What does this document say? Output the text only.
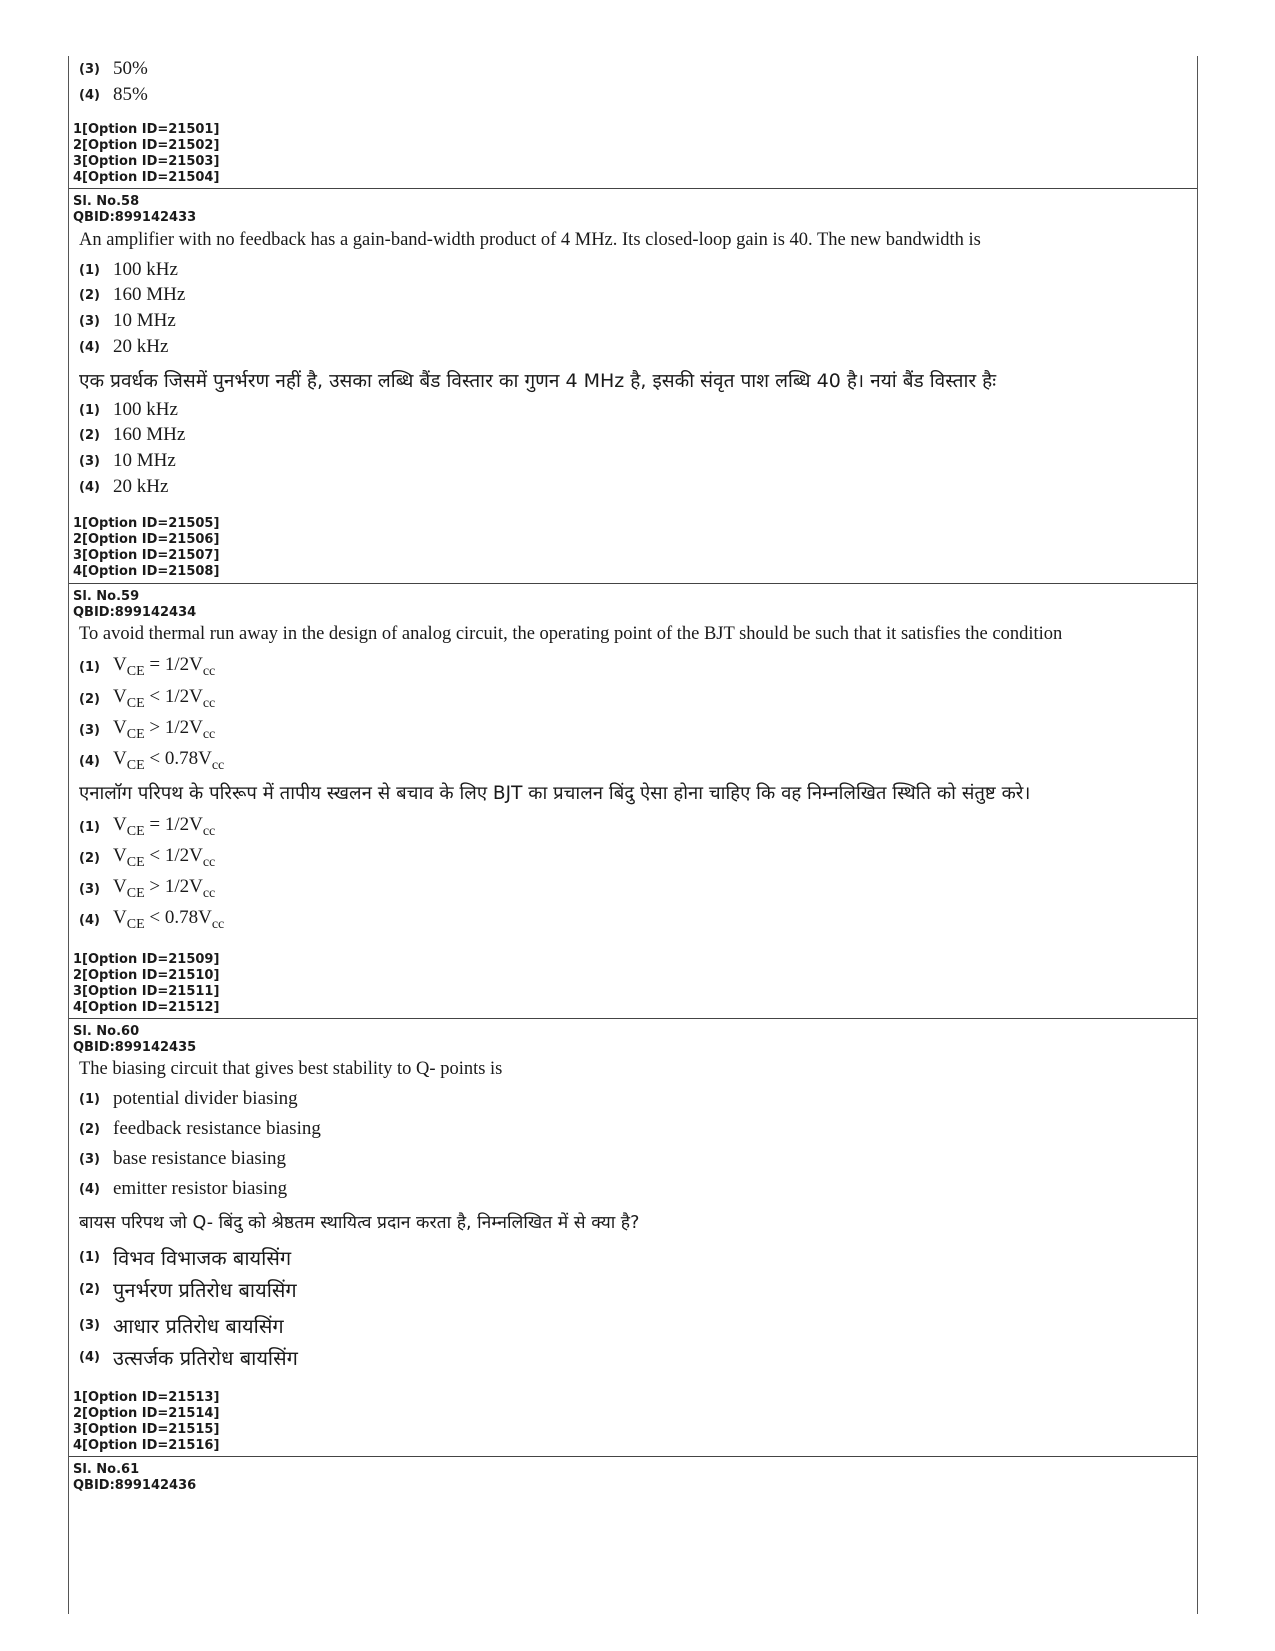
(3) 50%
(4) 85%
1[Option ID=21501]
2[Option ID=21502]
3[Option ID=21503]
4[Option ID=21504]
Sl. No.58
QBID:899142433
An amplifier with no feedback has a gain-band-width product of 4 MHz. Its closed-loop gain is 40. The new bandwidth is
(1) 100 kHz
(2) 160 MHz
(3) 10 MHz
(4) 20 kHz
एक प्रवर्धक जिसमें पुनर्भरण नहीं है, उसका लब्धि बैंड विस्तार का गुणन 4 MHz है, इसकी संवृत पाश लब्धि 40 है। नयां बैंड विस्तार हैः
(1) 100 kHz
(2) 160 MHz
(3) 10 MHz
(4) 20 kHz
1[Option ID=21505]
2[Option ID=21506]
3[Option ID=21507]
4[Option ID=21508]
Sl. No.59
QBID:899142434
To avoid thermal run away in the design of analog circuit, the operating point of the BJT should be such that it satisfies the condition
(1) $V_{CE} = 1/2V_{cc}$
(2) $V_{CE} < 1/2V_{cc}$
(3) $V_{CE} > 1/2V_{cc}$
(4) $V_{CE} < 0.78V_{cc}$
एनालॉग परिपथ के परिरूप में तापीय स्खलन से बचाव के लिए BJT का प्रचालन बिंदु ऐसा होना चाहिए कि वह निम्नलिखित स्थिति को संतुष्ट करे।
(1) $V_{CE} = 1/2V_{cc}$
(2) $V_{CE} < 1/2V_{cc}$
(3) $V_{CE} > 1/2V_{cc}$
(4) $V_{CE} < 0.78V_{cc}$
1[Option ID=21509]
2[Option ID=21510]
3[Option ID=21511]
4[Option ID=21512]
Sl. No.60
QBID:899142435
The biasing circuit that gives best stability to Q- points is
(1) potential divider biasing
(2) feedback resistance biasing
(3) base resistance biasing
(4) emitter resistor biasing
बायस परिपथ जो Q- बिंदु को श्रेष्ठतम स्थायित्व प्रदान करता है, निम्नलिखित में से क्या है?
(1) विभव विभाजक बायसिंग
(2) पुनर्भरण प्रतिरोध बायसिंग
(3) आधार प्रतिरोध बायसिंग
(4) उत्सर्जक प्रतिरोध बायसिंग
1[Option ID=21513]
2[Option ID=21514]
3[Option ID=21515]
4[Option ID=21516]
Sl. No.61
QBID:899142436
